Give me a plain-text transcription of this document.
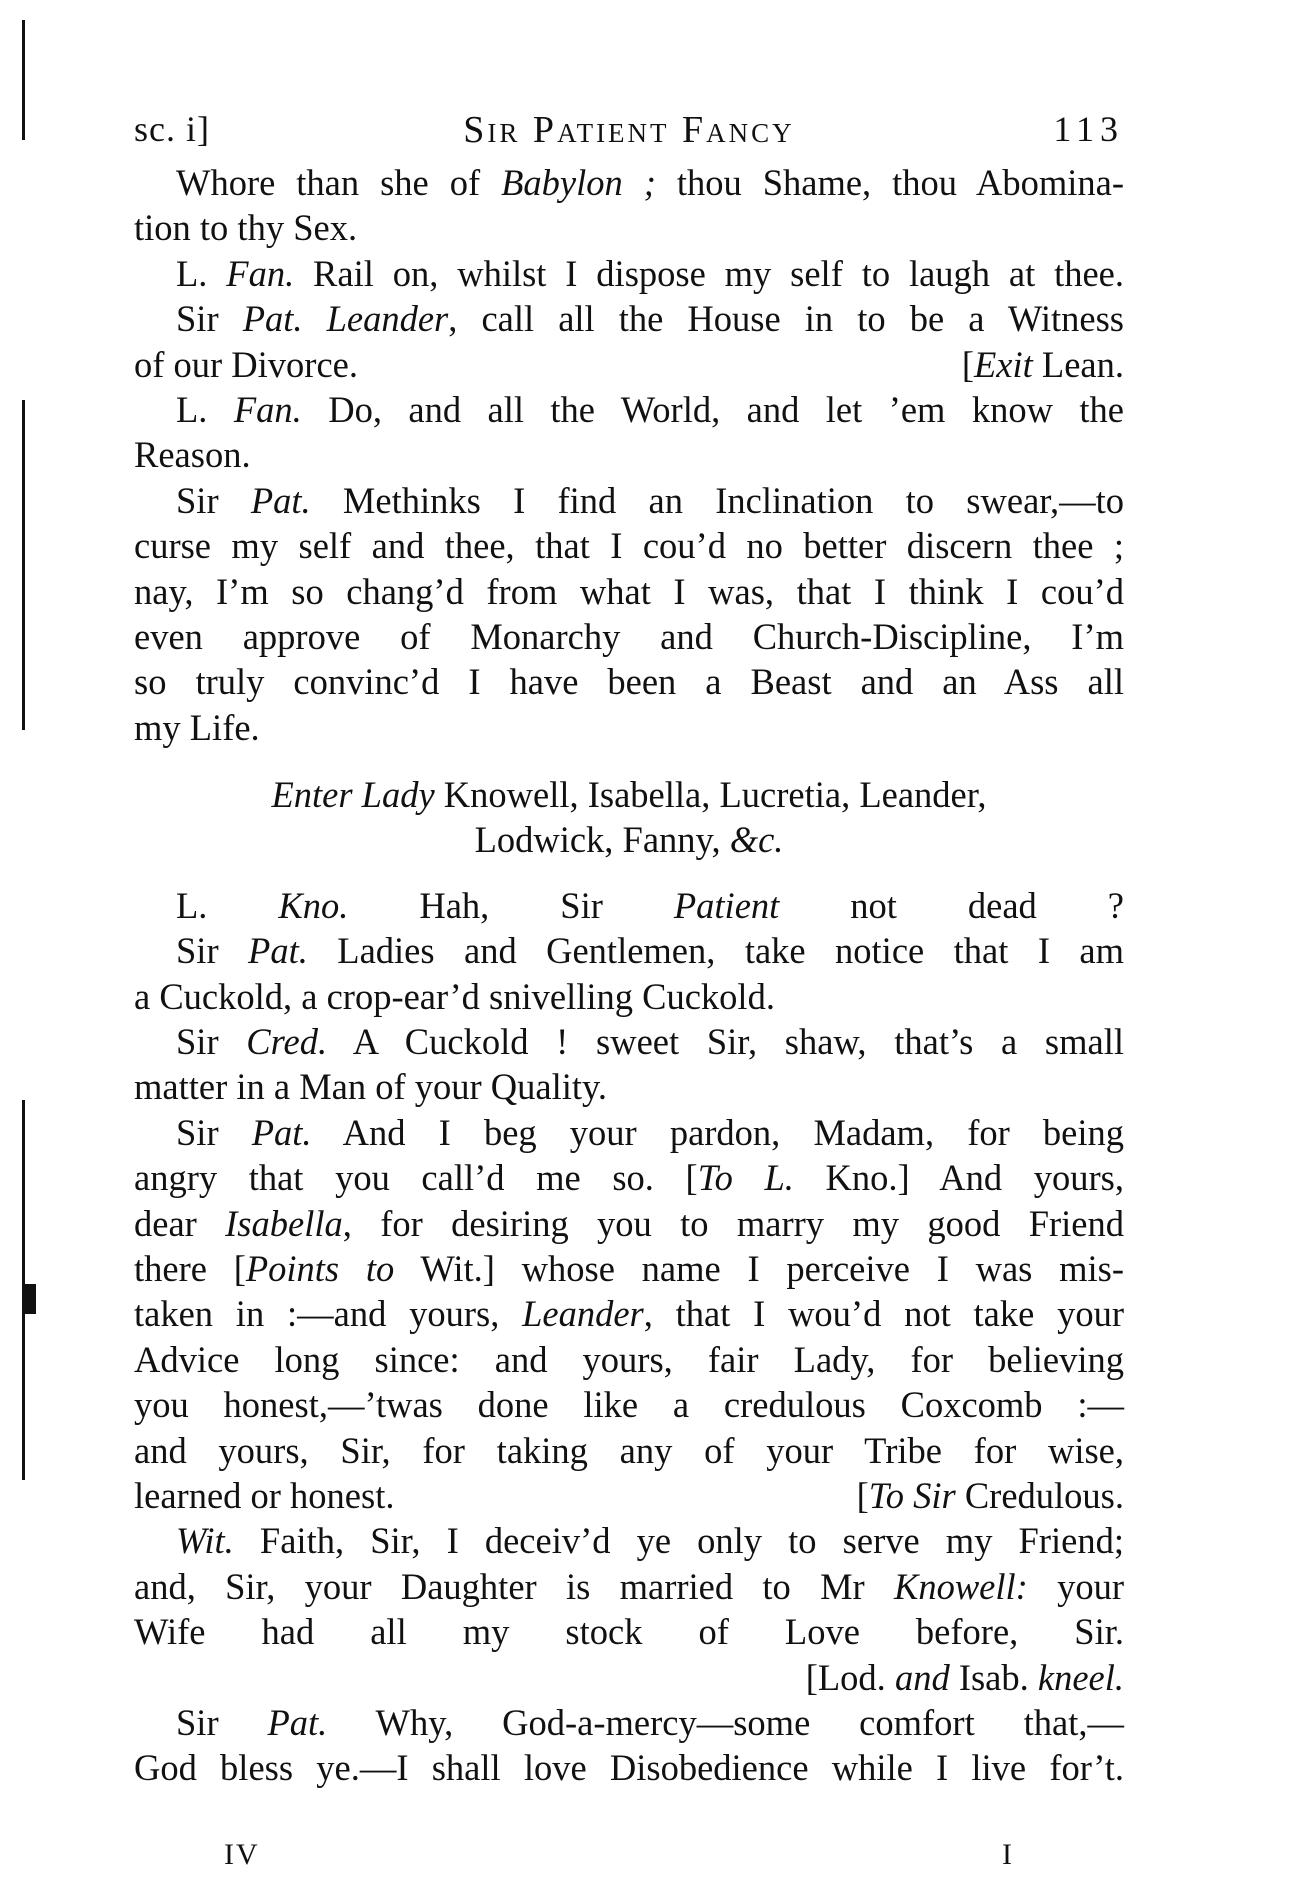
sc. i]	Sir Patient Fancy	113
Whore than she of Babylon ; thou Shame, thou Abomina-
tion to thy Sex.
L. Fan. Rail on, whilst I dispose my self to laugh at thee.
Sir Pat. Leander, call all the House in to be a Witness
of our Divorce.	[Exit Lean.
L. Fan. Do, and all the World, and let ’em know the
Reason.
Sir Pat. Methinks I find an Inclination to swear,—to
curse my self and thee, that I cou’d no better discern thee ;
nay, I’m so chang’d from what I was, that I think I cou’d
even approve of Monarchy and Church-Discipline, I’m
so truly convinc’d I have been a Beast and an Ass all
my Life.
Enter Lady Knowell, Isabella, Lucretia, Leander,
Lodwick, Fanny, &c.
L. Kno. Hah, Sir Patient not dead ?
Sir Pat. Ladies and Gentlemen, take notice that I am
a Cuckold, a crop-ear’d snivelling Cuckold.
Sir Cred. A Cuckold ! sweet Sir, shaw, that’s a small
matter in a Man of your Quality.
Sir Pat. And I beg your pardon, Madam, for being
angry that you call’d me so. [To L. Kno.] And yours,
dear Isabella, for desiring you to marry my good Friend
there [Points to Wit.] whose name I perceive I was mis-
taken in :—and yours, Leander, that I wou’d not take your
Advice long since: and yours, fair Lady, for believing
you honest,—’twas done like a credulous Coxcomb :—
and yours, Sir, for taking any of your Tribe for wise,
learned or honest.	[To Sir Credulous.
Wit. Faith, Sir, I deceiv’d ye only to serve my Friend;
and, Sir, your Daughter is married to Mr Knowell: your
Wife had all my stock of Love before, Sir.
[Lod. and Isab. kneel.
Sir Pat. Why, God-a-mercy—some comfort that,—
God bless ye.—I shall love Disobedience while I live for’t.
IV	I
